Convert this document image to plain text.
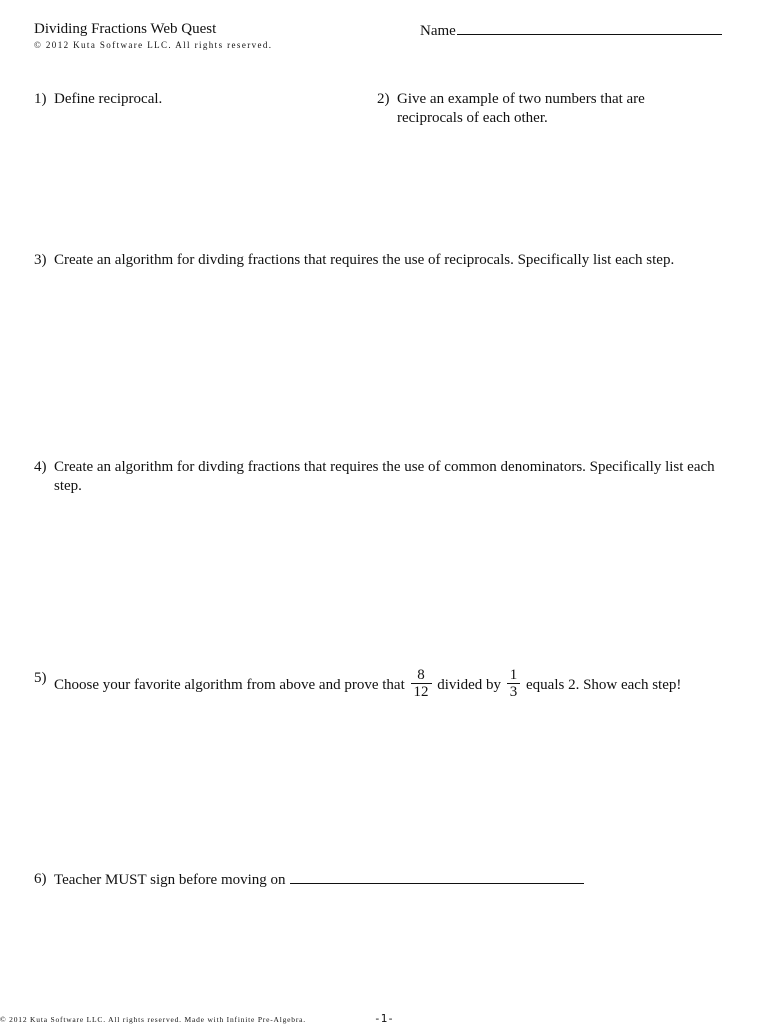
Dividing Fractions Web Quest
© 2012 Kuta Software LLC. All rights reserved.
Name
1) Define reciprocal.	2) Give an example of two numbers that are reciprocals of each other.
3) Create an algorithm for divding fractions that requires the use of reciprocals. Specifically list each step.
4) Create an algorithm for divding fractions that requires the use of common denominators. Specifically list each step.
5) Choose your favorite algorithm from above and prove that $\frac{8}{12}$ divided by $\frac{1}{3}$ equals 2. Show each step!
6) Teacher MUST sign before moving on
© 2012 Kuta Software LLC. All rights reserved. Made with Infinite Pre-Algebra.	-1-
